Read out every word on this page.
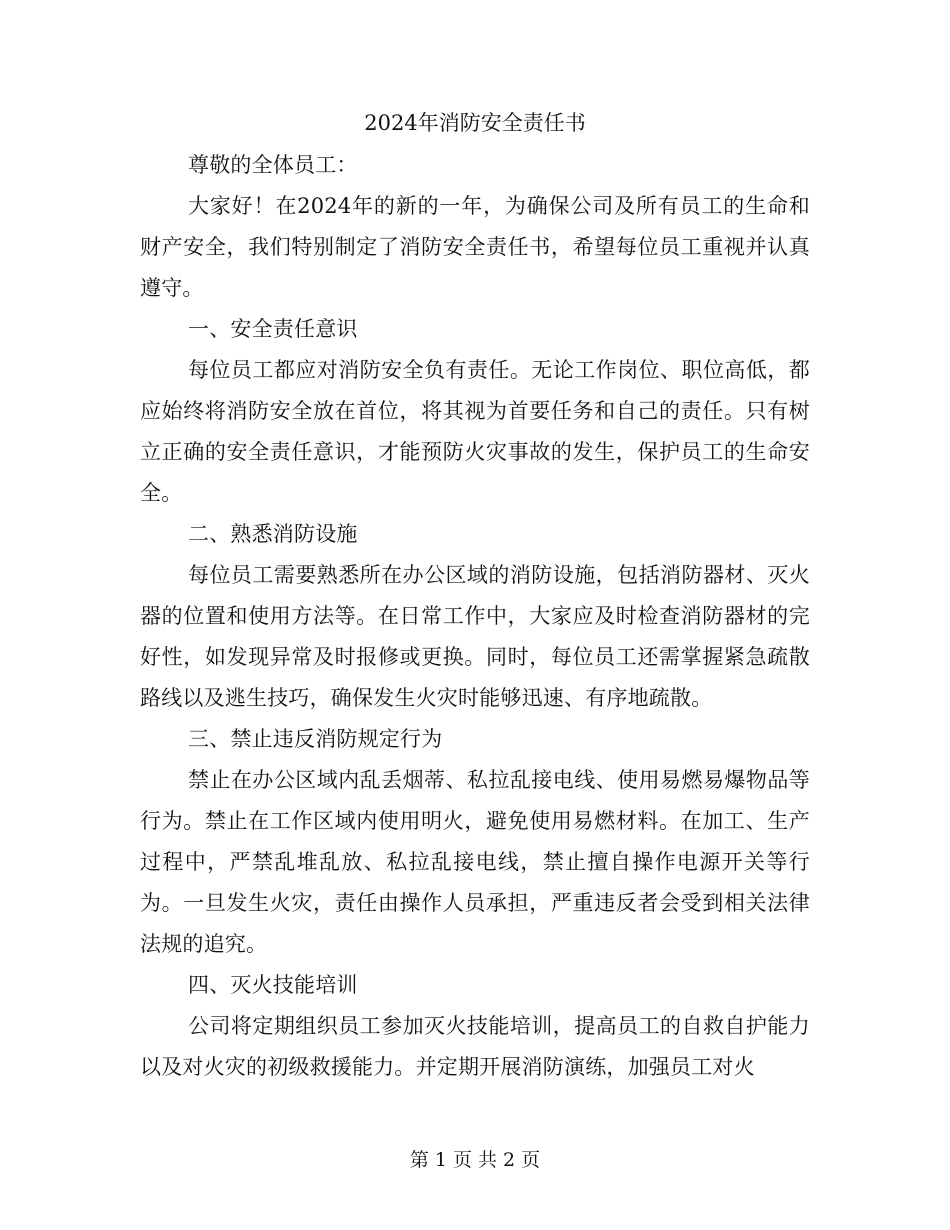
2024年消防安全责任书

尊敬的全体员工：

大家好！在2024年的新的一年，为确保公司及所有员工的生命和财产安全，我们特别制定了消防安全责任书，希望每位员工重视并认真遵守。

一、安全责任意识

每位员工都应对消防安全负有责任。无论工作岗位、职位高低，都应始终将消防安全放在首位，将其视为首要任务和自己的责任。只有树立正确的安全责任意识，才能预防火灾事故的发生，保护员工的生命安全。

二、熟悉消防设施

每位员工需要熟悉所在办公区域的消防设施，包括消防器材、灭火器的位置和使用方法等。在日常工作中，大家应及时检查消防器材的完好性，如发现异常及时报修或更换。同时，每位员工还需掌握紧急疏散路线以及逃生技巧，确保发生火灾时能够迅速、有序地疏散。

三、禁止违反消防规定行为

禁止在办公区域内乱丢烟蒂、私拉乱接电线、使用易燃易爆物品等行为。禁止在工作区域内使用明火，避免使用易燃材料。在加工、生产过程中，严禁乱堆乱放、私拉乱接电线，禁止擅自操作电源开关等行为。一旦发生火灾，责任由操作人员承担，严重违反者会受到相关法律法规的追究。

四、灭火技能培训

公司将定期组织员工参加灭火技能培训，提高员工的自救自护能力以及对火灾的初级救援能力。并定期开展消防演练，加强员工对火

第 1 页 共 2 页
